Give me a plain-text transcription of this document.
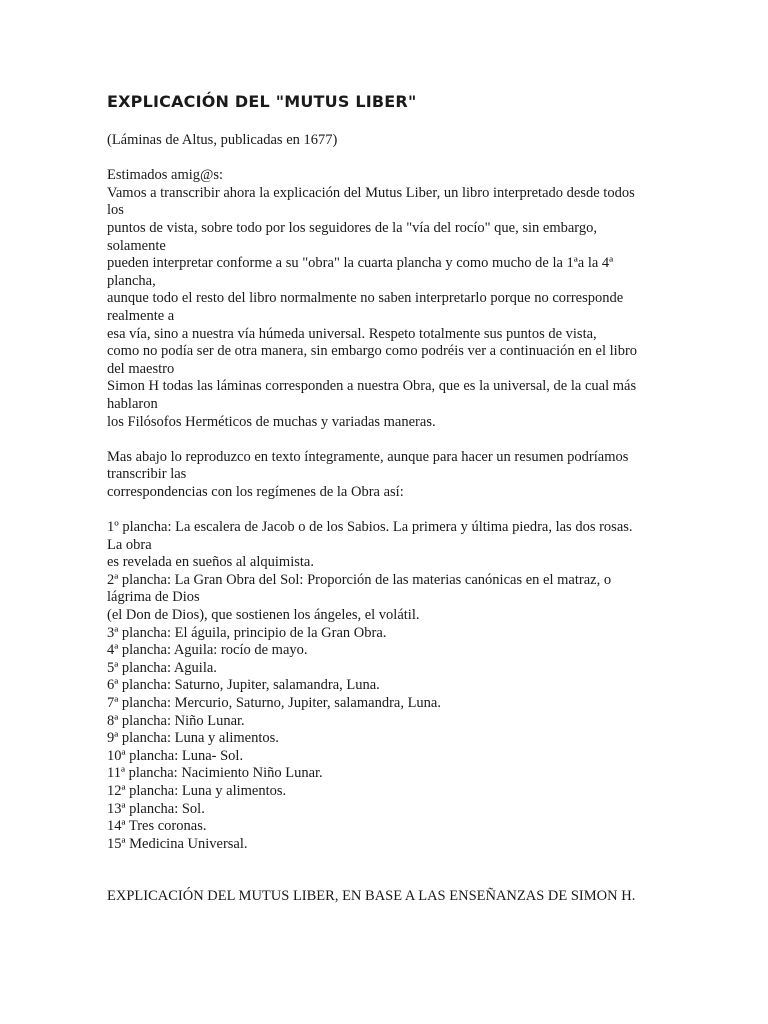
EXPLICACIÓN DEL "MUTUS LIBER"
(Láminas de Altus, publicadas en 1677)
Estimados amig@s:
Vamos a transcribir ahora la explicación del Mutus Liber, un libro interpretado desde todos
los
puntos de vista, sobre todo por los seguidores de la "vía del rocío" que, sin embargo,
solamente
pueden interpretar conforme a su "obra" la cuarta plancha y como mucho de la 1ªa la 4ª
plancha,
aunque todo el resto del libro normalmente no saben interpretarlo porque no corresponde
realmente a
esa vía, sino a nuestra vía húmeda universal. Respeto totalmente sus puntos de vista,
como no podía ser de otra manera, sin embargo como podréis ver a continuación en el libro
del maestro
Simon H todas las láminas corresponden a nuestra Obra, que es la universal, de la cual más
hablaron
los Filósofos Herméticos de muchas y variadas maneras.
Mas abajo lo reproduzco en texto íntegramente, aunque para hacer un resumen podríamos
transcribir las
correspondencias con los regímenes de la Obra así:
1º plancha: La escalera de Jacob o de los Sabios. La primera y última piedra, las dos rosas.
La obra
es revelada en sueños al alquimista.
2ª plancha: La Gran Obra del Sol: Proporción de las materias canónicas en el matraz, o
lágrima de Dios
(el Don de Dios), que sostienen los ángeles, el volátil.
3ª plancha: El águila, principio de la Gran Obra.
4ª plancha: Aguila: rocío de mayo.
5ª plancha: Aguila.
6ª plancha: Saturno, Jupiter, salamandra, Luna.
7ª plancha: Mercurio, Saturno, Jupiter, salamandra, Luna.
8ª plancha: Niño Lunar.
9ª plancha: Luna y alimentos.
10ª plancha: Luna- Sol.
11ª plancha: Nacimiento Niño Lunar.
12ª plancha: Luna y alimentos.
13ª plancha: Sol.
14ª Tres coronas.
15ª Medicina Universal.
EXPLICACIÓN DEL MUTUS LIBER, EN BASE A LAS ENSEÑANZAS DE SIMON H.
